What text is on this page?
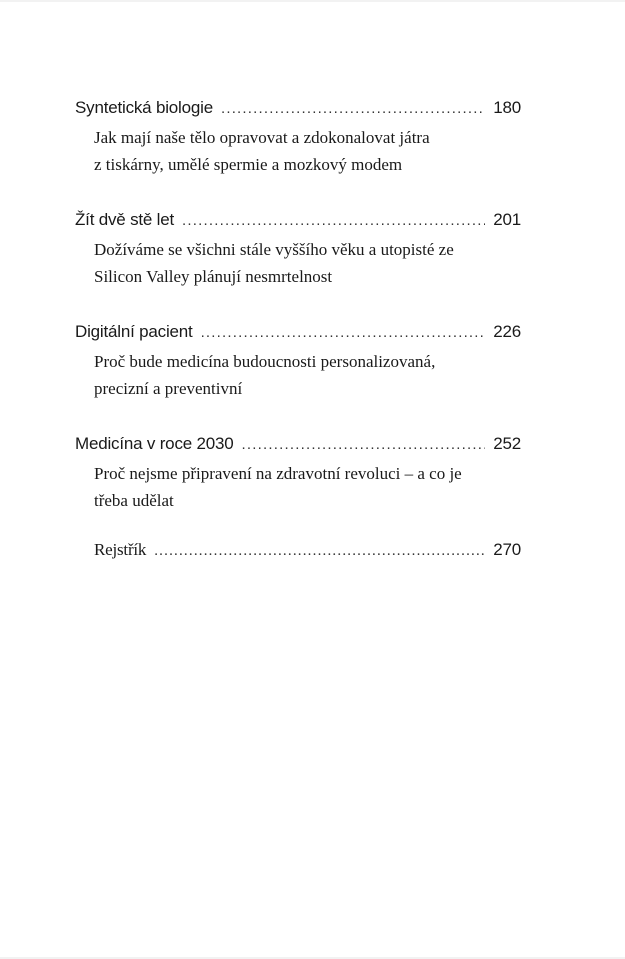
Syntetická biologie .....	180
Jak mají naše tělo opravovat a zdokonalovat játra
z tiskárny, umělé spermie a mozkový modem
Žít dvě stě let .....	201
Dožíváme se všichni stále vyššího věku a utopisté ze
Silicon Valley plánují nesmrtelnost
Digitální pacient .....	226
Proč bude medicína budoucnosti personalizovaná,
precizní a preventivní
Medicína v roce 2030 .....	252
Proč nejsme připravení na zdravotní revoluci – a co je
třeba udělat
Rejstřík .....	270
